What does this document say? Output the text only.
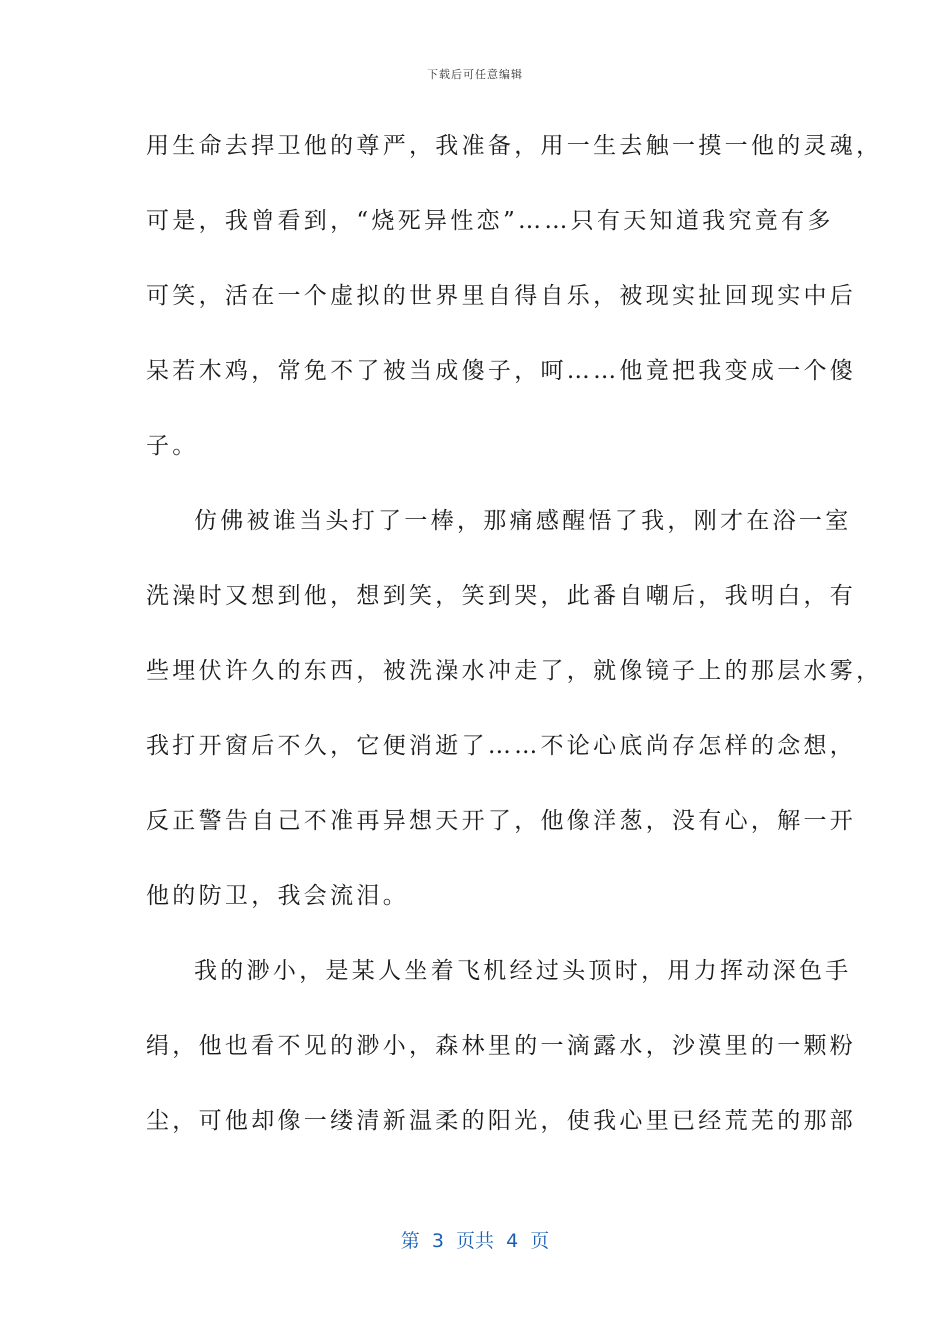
下载后可任意编辑
用生命去捍卫他的尊严，我准备，用一生去触一摸一他的灵魂，
可是，我曾看到，“烧死异性恋”……只有天知道我究竟有多
可笑，活在一个虚拟的世界里自得自乐，被现实扯回现实中后
呆若木鸡，常免不了被当成傻子，呵……他竟把我变成一个傻
子。
仿佛被谁当头打了一棒，那痛感醒悟了我，刚才在浴一室
洗澡时又想到他，想到笑，笑到哭，此番自嘲后，我明白，有
些埋伏许久的东西，被洗澡水冲走了，就像镜子上的那层水雾，
我打开窗后不久，它便消逝了……不论心底尚存怎样的念想，
反正警告自己不准再异想天开了，他像洋葱，没有心，解一开
他的防卫，我会流泪。
我的渺小，是某人坐着飞机经过头顶时，用力挥动深色手
绢，他也看不见的渺小，森林里的一滴露水，沙漠里的一颗粉
尘，可他却像一缕清新温柔的阳光，使我心里已经荒芜的那部
第  3  页共  4  页
